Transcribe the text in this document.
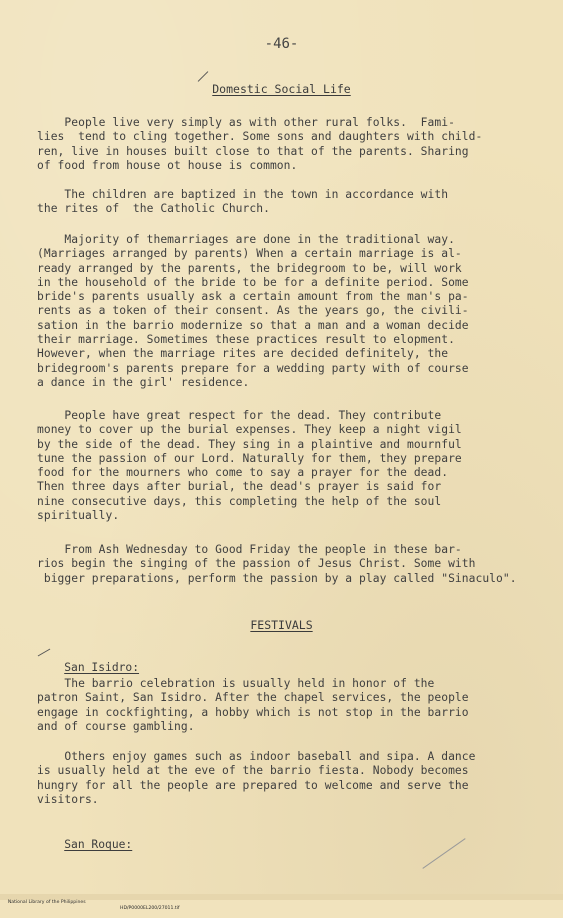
-46-
Domestic Social Life
People live very simply as with other rural folks.  Fami-
lies  tend to cling together. Some sons and daughters with child-
ren, live in houses built close to that of the parents. Sharing
of food from house ot house is common.
The children are baptized in the town in accordance with
the rites of  the Catholic Church.
Majority of themarriages are done in the traditional way.
(Marriages arranged by parents) When a certain marriage is al-
ready arranged by the parents, the bridegroom to be, will work
in the household of the bride to be for a definite period. Some
bride's parents usually ask a certain amount from the man's pa-
rents as a token of their consent. As the years go, the civili-
sation in the barrio modernize so that a man and a woman decide
their marriage. Sometimes these practices result to elopment.
However, when the marriage rites are decided definitely, the
bridegroom's parents prepare for a wedding party with of course
a dance in the girl' residence.
People have great respect for the dead. They contribute
money to cover up the burial expenses. They keep a night vigil
by the side of the dead. They sing in a plaintive and mournful
tune the passion of our Lord. Naturally for them, they prepare
food for the mourners who come to say a prayer for the dead.
Then three days after burial, the dead's prayer is said for
nine consecutive days, this completing the help of the soul
spiritually.
From Ash Wednesday to Good Friday the people in these bar-
rios begin the singing of the passion of Jesus Christ. Some with
bigger preparations, perform the passion by a play called "Sinaculo".
FESTIVALS

San Isidro:

The barrio celebration is usually held in honor of the
patron Saint, San Isidro. After the chapel services, the people
engage in cockfighting, a hobby which is not stop in the barrio
and of course gambling.
Others enjoy games such as indoor baseball and sipa. A dance
is usually held at the eve of the barrio fiesta. Nobody becomes
hungry for all the people are prepared to welcome and serve the
visitors.

San Roque:

National Library of the Philippines

HD/P0000EL200/27011.tif
